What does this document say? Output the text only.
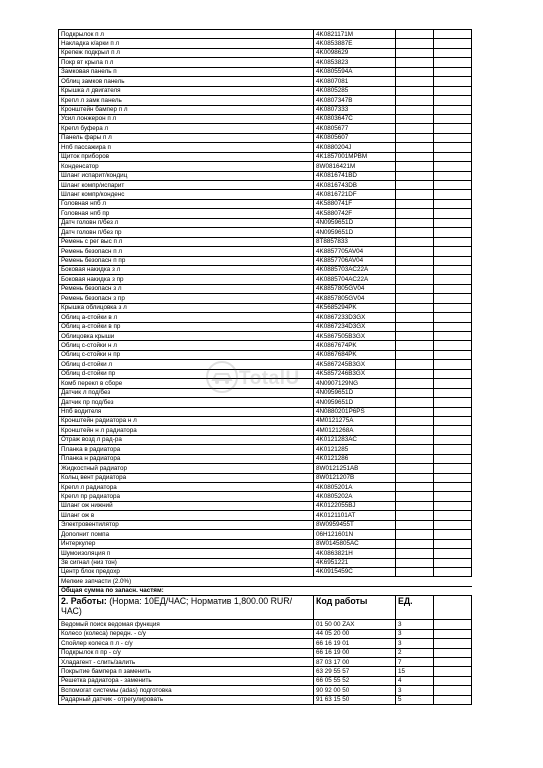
Подкрылок п л	4K0821171M		
Накладка к/арки п л	4K0853887E		
Крепеж подкрыл п л	4K0098629		
Покр вт крыла п л	4K0853823		
Замковая панель п	4K0805594A		
Облиц замков панель	4K0807081		
Крышка л двигателя	4K0805285		
Крепл л замк панель	4K0807347B		
Кронштейн бампер п л	4K0807333		
Усил лонжерон п л	4K0803647C		
Крепл буфера л	4K0805677		
Панель фары п л	4K0805607		
Нпб пассажира п	4K0880204J		
Щиток приборов	4K1857001MPBM		
Конденсатор	8W0816421M		
Шланг испарит/кондиц	4K0816741BD		
Шланг компр/испарит	4K0816743DB		
Шланг компр/конденс	4K0816721DF		
Головная нпб л	4K5880741F		
Головная нпб пр	4K5880742F		
Датч головн п/без л	4N0959651D		
Датч головн п/без пр	4N0959651D		
Ремень с рег выс п л	8T8857833		
Ремень безопасн п л	4K8857705AV04		
Ремень безопасн п пр	4K8857706AV04		
Боковая накидка з л	4K0885703AC22A		
Боковая накидка з пр	4K0885704AC22A		
Ремень безопасн з л	4K8857805GV04		
Ремень безопасн з пр	4K8857805GV04		
Крышка облицовка з л	4K5685294PK		
Облиц а-стойки в л	4K0867233D3GX		
Облиц а-стойки в пр	4K0867234D3GX		
Облицовка крыши	4K5867505B3GX		
Облиц с-стойки н л	4K0867674PK		
Облиц с-стойки н пр	4K0867684PK		
Облиц d-стойки л	4K5867245B3GX		
Облиц d-стойки пр	4K5857246B3GX		
Комб перекл в сборе	4N0907129NG		
Датчик л под/без	4N0959651D		
Датчик пр под/без	4N0959651D		
Нпб водителя	4N0880201P6PS		
Кронштейн радиатора н л	4M0121275A		
Кронштейн н л радиатора	4M0121268A		
Отраж возд л рад-ра	4K0121283AC		
Планка в радиатора	4K0121285		
Планка н радиатора	4K0121286		
Жидкостный радиатор	8W0121251AB		
Кольц вент радиатора	8W0121207B		
Крепл л радиатора	4K0805201A		
Крепл пр радиатора	4K0805202A		
Шланг ож нижний	4K0122055BJ		
Шланг ож в	4K0121101AT		
Электровентилятор	8W0959455T		
Дополнит помпа	06H121601N		
Интеркулер	8W0145805AC		
Шумоизоляция п	4K0863821H		
Зв сигнал (низ тон)	4K6951221		
Центр блок предохр	4K0915459C		
Мелкие запчасти (2.0%)			
Общая сумма по запасн. частям:			
2. Работы: (Норма: 10ЕД/ЧАС; Норматив 1,800.00 RUR/ЧАС)	Код работы	ЕД.	
Ведомый поиск ведомая функция	01 50 00 ZAX	3	
Колесо (колеса) передн. - с/у	44 05 20 00	3	
Спойлер колеса п л - с/у	66 16 19 01	3	
Подкрылок п пр - с/у	66 16 19 00	2	
Хладагент - слить/залить	87 03 17 00	7	
Покрытие бампера п заменить	63 29 55 57	15	
Решетка радиатора - заменить	66 05 55 52	4	
Вспомогат системы (adas) подготовка	90 92 00 50	3	
Радарный датчик - отрегулировать	91 63 15 50	5	
TotalU
